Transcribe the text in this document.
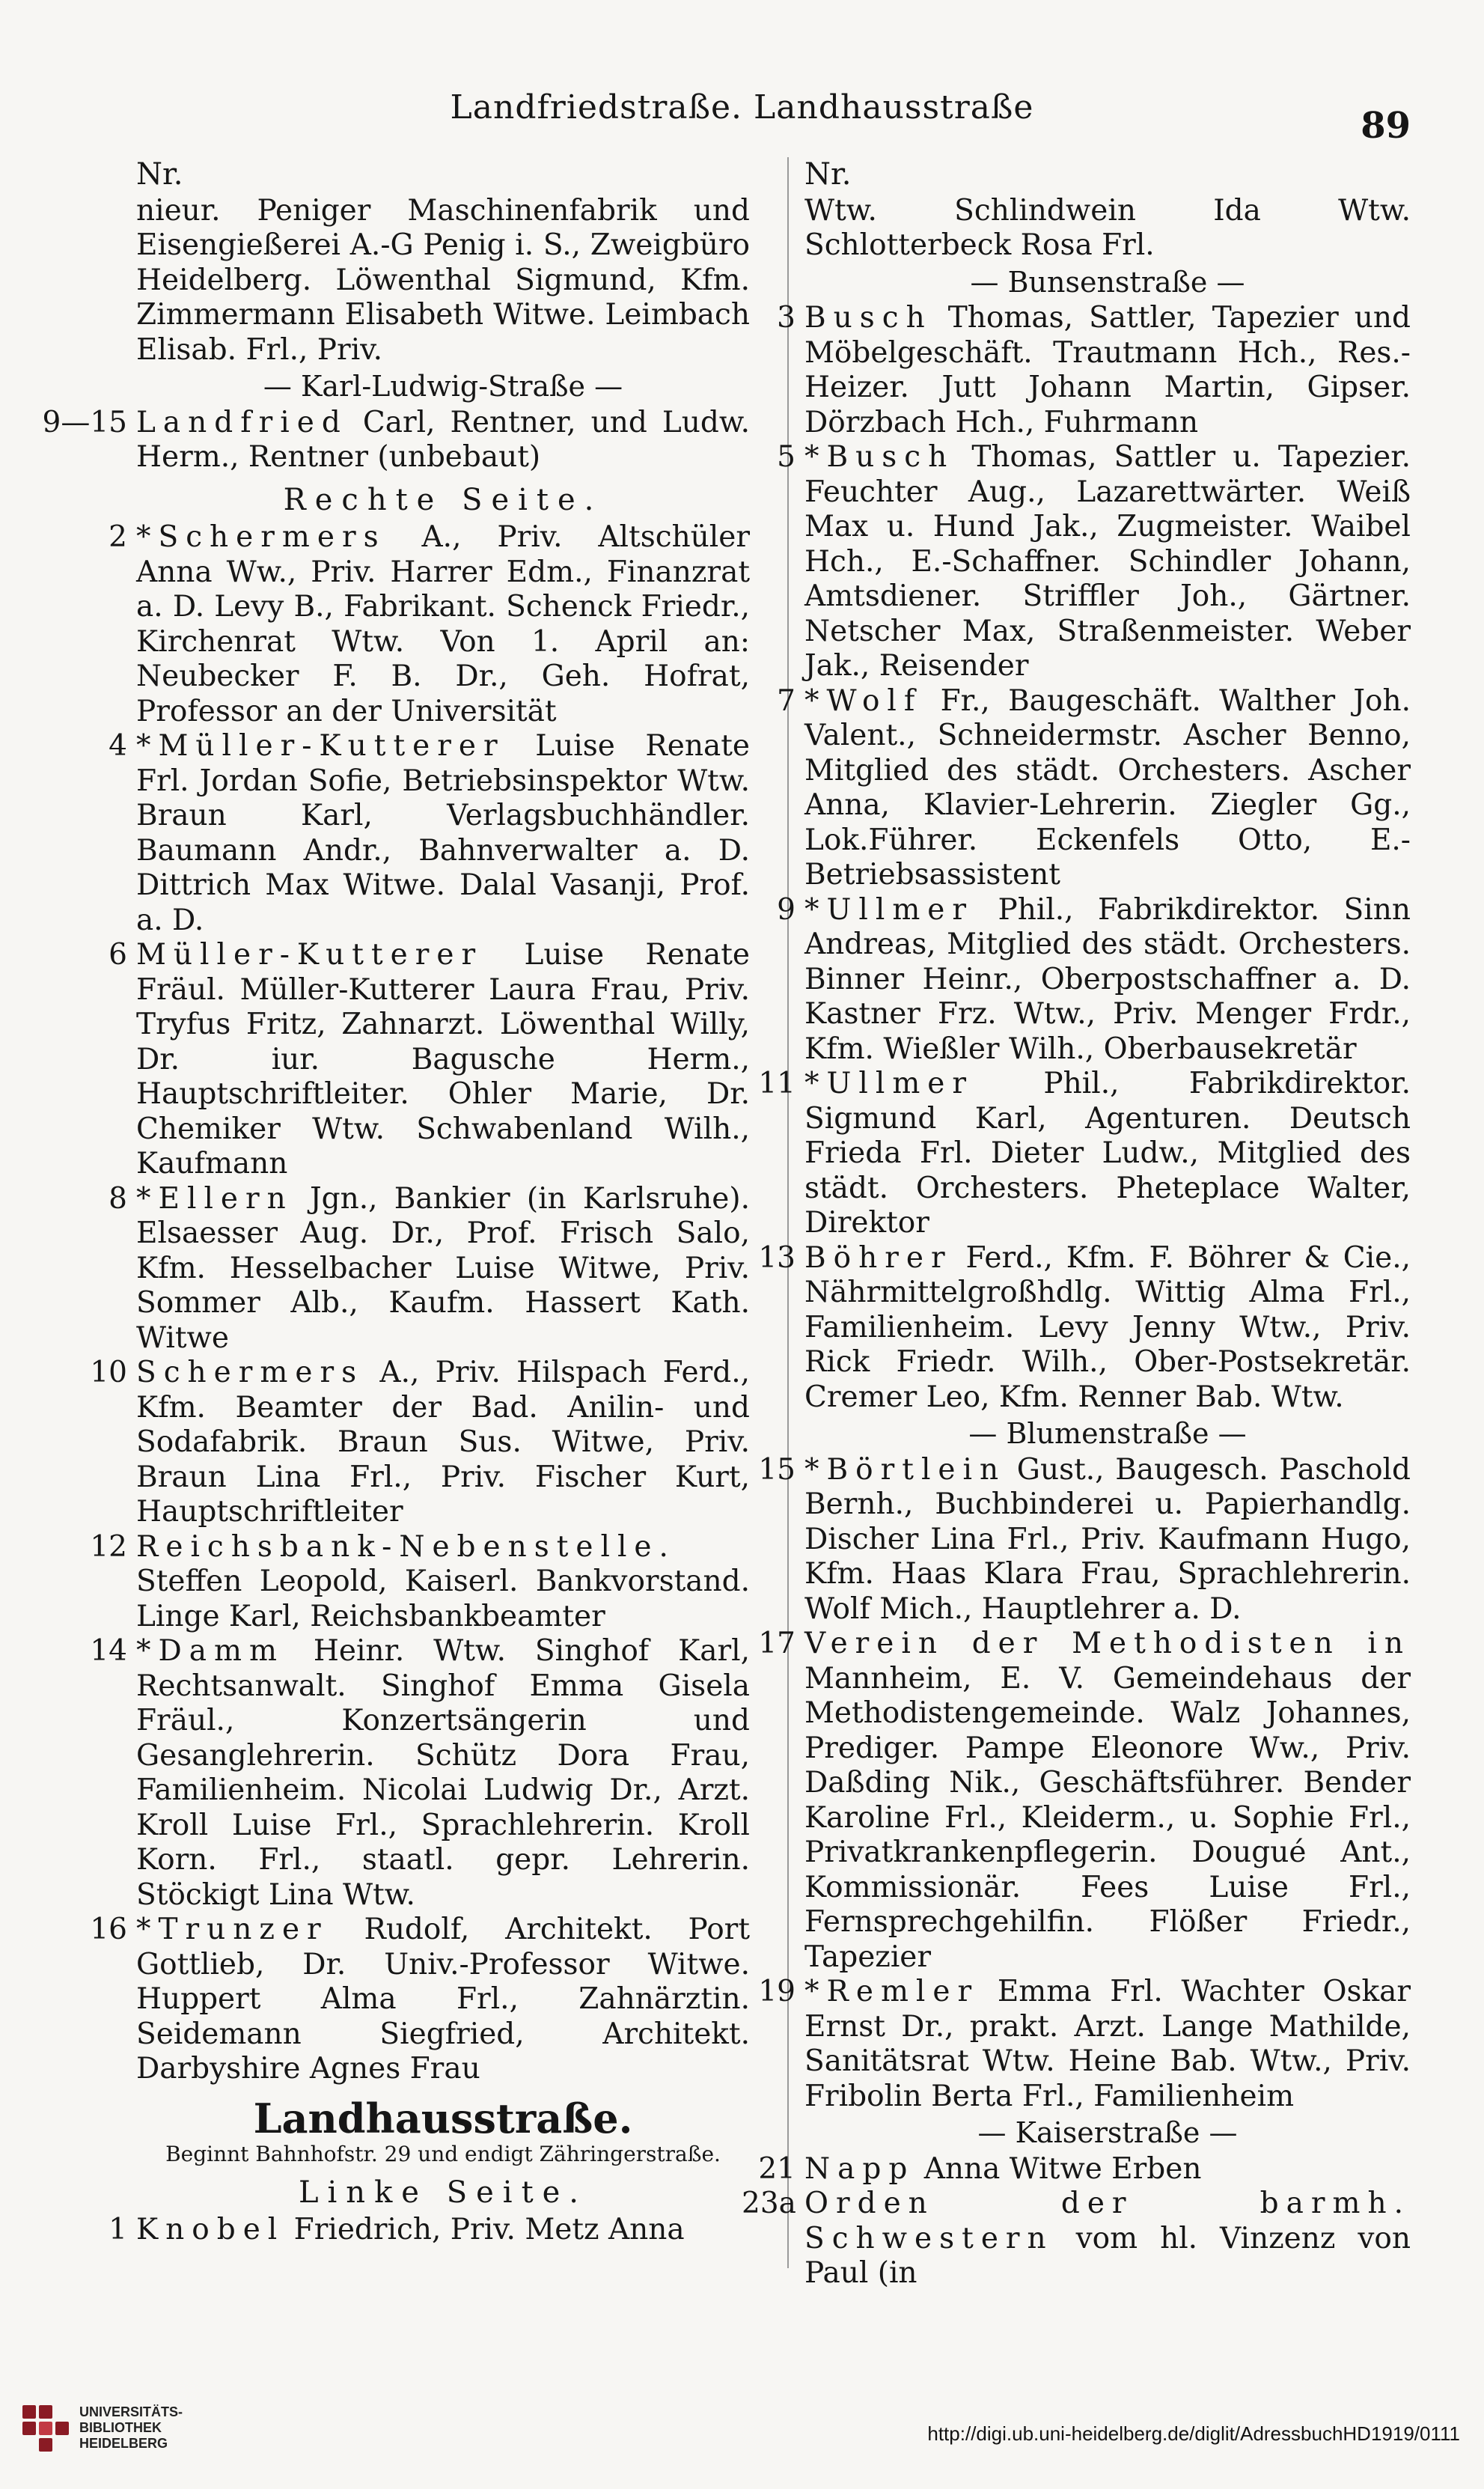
Landfriedstraße. Landhausstraße	89
Nr.
nieur. Peniger Maschinenfabrik und Eisengießerei A.-G Penig i. S., Zweigbüro Heidelberg. Löwenthal Sigmund, Kfm. Zimmermann Elisabeth Witwe. Leimbach Elisab. Frl., Priv.
— Karl-Ludwig-Straße —
9—15 Landfried Carl, Rentner, und Ludw. Herm., Rentner (unbebaut)
Rechte Seite.
2 *Schermers A., Priv. Altschüler Anna Ww., Priv. Harrer Edm., Finanzrat a. D. Levy B., Fabrikant. Schenck Friedr., Kirchenrat Wtw. Von 1. April an: Neubecker F. B. Dr., Geh. Hofrat, Professor an der Universität
4 *Müller-Kutterer Luise Renate Frl. Jordan Sofie, Betriebsinspektor Wtw. Braun Karl, Verlagsbuchhändler. Baumann Andr., Bahnverwalter a. D. Dittrich Max Witwe. Dalal Vasanji, Prof. a. D.
6 Müller-Kutterer Luise Renate Fräul. Müller-Kutterer Laura Frau, Priv. Tryfus Fritz, Zahnarzt. Löwenthal Willy, Dr. iur. Baguschе Herm., Hauptschriftleiter. Ohler Marie, Dr. Chemiker Wtw. Schwabenland Wilh., Kaufmann
8 *Ellern Jgn., Bankier (in Karlsruhe). Elsaesser Aug. Dr., Prof. Frisch Salo, Kfm. Hesselbacher Luise Witwe, Priv. Sommer Alb., Kaufm. Hassert Kath. Witwe
10 Schermers A., Priv. Hilspach Ferd., Kfm. Beamter der Bad. Anilin- und Sodafabrik. Braun Sus. Witwe, Priv. Braun Lina Frl., Priv. Fischer Kurt, Hauptschriftleiter
12 Reichsbank-Nebenstelle. Steffen Leopold, Kaiserl. Bankvorstand. Linge Karl, Reichsbankbeamter
14 *Damm Heinr. Wtw. Singhof Karl, Rechtsanwalt. Singhof Emma Gisela Fräul., Konzertsängerin und Gesanglehrerin. Schütz Dora Frau, Familienheim. Nicolai Ludwig Dr., Arzt. Kroll Luise Frl., Sprachlehrerin. Kroll Korn. Frl., staatl. gepr. Lehrerin. Stöckigt Lina Wtw.
16 *Trunzer Rudolf, Architekt. Port Gottlieb, Dr. Univ.-Professor Witwe. Huppert Alma Frl., Zahnärztin. Seidemann Siegfried, Architekt. Darbyshire Agnes Frau
Landhausstraße.
Beginnt Bahnhofstr. 29 und endigt Zähringerstraße.
Linke Seite.
1 Knobel Friedrich, Priv. Metz Anna
Nr.
Wtw. Schlindwein Ida Wtw. Schlotterbeck Rosa Frl.
— Bunsenstraße —
3 Busch Thomas, Sattler, Tapezier und Möbelgeschäft. Trautmann Hch., Res.-Heizer. Jutt Johann Martin, Gipser. Dörzbach Hch., Fuhrmann
5 *Busch Thomas, Sattler u. Tapezier. Feuchter Aug., Lazarettwärter. Weiß Max u. Hund Jak., Zugmeister. Waibel Hch., E.-Schaffner. Schindler Johann, Amtsdiener. Striffler Joh., Gärtner. Netscher Max, Straßenmeister. Weber Jak., Reisender
7 *Wolf Fr., Baugeschäft. Walther Joh. Valent., Schneidermstr. Ascher Benno, Mitglied des städt. Orchesters. Ascher Anna, Klavier-Lehrerin. Ziegler Gg., Lok.Führer. Eckenfels Otto, E.-Betriebsassistent
9 *Ullmer Phil., Fabrikdirektor. Sinn Andreas, Mitglied des städt. Orchesters. Binner Heinr., Oberpostschaffner a. D. Kastner Frz. Wtw., Priv. Menger Frdr., Kfm. Wießler Wilh., Oberbausekretär
11 *Ullmer Phil., Fabrikdirektor. Sigmund Karl, Agenturen. Deutsch Frieda Frl. Dieter Ludw., Mitglied des städt. Orchesters. Pheteplace Walter, Direktor
13 Böhrer Ferd., Kfm. F. Böhrer & Cie., Nährmittelgroßhdlg. Wittig Alma Frl., Familienheim. Levy Jenny Wtw., Priv. Rick Friedr. Wilh., Ober-Postsekretär. Cremer Leo, Kfm. Renner Bab. Wtw.
— Blumenstraße —
15 *Börtlein Gust., Baugesch. Paschold Bernh., Buchbinderei u. Papierhandlg. Discher Lina Frl., Priv. Kaufmann Hugo, Kfm. Haas Klara Frau, Sprachlehrerin. Wolf Mich., Hauptlehrer a. D.
17 Verein der Methodisten in Mannheim, E. V. Gemeindehaus der Methodistengemeinde. Walz Johannes, Prediger. Pampe Eleonore Ww., Priv. Daßding Nik., Geschäftsführer. Bender Karoline Frl., Kleiderm., u. Sophie Frl., Privatkrankenpflegerin. Dougué Ant., Kommissionär. Fees Luise Frl., Fernsprechgehilfin. Flößer Friedr., Tapezier
19 *Remler Emma Frl. Wachter Oskar Ernst Dr., prakt. Arzt. Lange Mathilde, Sanitätsrat Wtw. Heine Bab. Wtw., Priv. Fribolin Berta Frl., Familienheim
— Kaiserstraße —
21 Napp Anna Witwe Erben
23a Orden der barmh. Schwestern vom hl. Vinzenz von Paul (in
UNIVERSITÄTS-
BIBLIOTHEK
HEIDELBERG	http://digi.ub.uni-heidelberg.de/diglit/AdressbuchHD1919/0111
